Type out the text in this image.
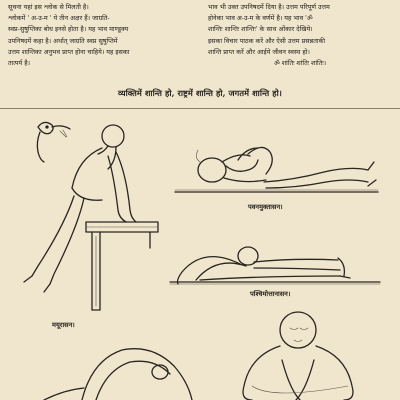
सूचना यहां इस श्लोक से मिलती है।
श्लोकमें ' अ-उ-म ' ये तीन अक्षर हैं। जाग्रति-
स्वप्न-सुषुप्तिका बोध इनसे होता है। यह भाव माण्डूक्य
उपनिषदमें कहा है। अर्थात् जाग्रति स्वप्न सुषुप्तिमें
उत्तम शान्तिका अनुभव प्राप्त होना चाहिये। यह इसका
तात्पर्य है।
भाव भी उक्त उपनिषदमें दिया है। उत्तम परिपूर्ण उत्तम
होनेका भाव अ-उ-म के वर्णमें है। यह भाव 'ॐ
शान्तिः शान्तिः शान्तिः' के साथ ओंकार देखिये।
इसका विचार पाठक करें और ऐसी उत्तम प्रसन्नताकी
शान्ति प्राप्त करें और आईये जीवन स्वस्थ हो।
ॐ शांतिः शांतिः शांतिः।
व्यक्तिमें शान्ति हो, राष्ट्रमें शान्ति हो, जगतमें शान्ति हो।
पवनमुक्तासन।
पश्चिमोत्तानासन।
मयूरासन।
